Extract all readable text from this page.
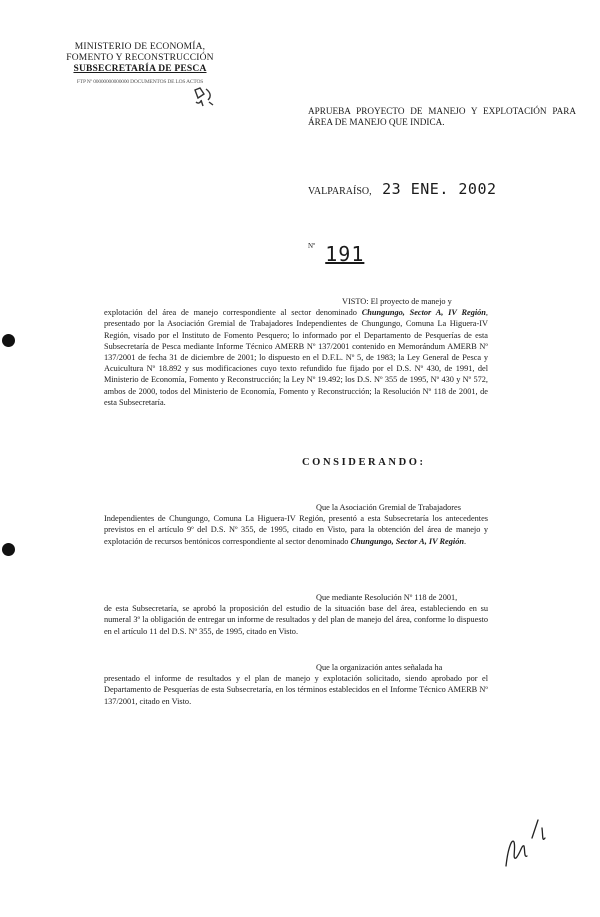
MINISTERIO DE ECONOMÍA,
FOMENTO Y RECONSTRUCCIÓN
SUBSECRETARÍA DE PESCA
FTP Nº 00000000000000 DOCUMENTOS DE LOS ACTOS
APRUEBA PROYECTO DE MANEJO Y EXPLOTACIÓN PARA ÁREA DE MANEJO QUE INDICA.
VALPARAÍSO, 23 ENE. 2002
$^{Nº}$ 191
VISTO: El proyecto de manejo y
explotación del área de manejo correspondiente al sector denominado Chungungo, Sector A, IV Región, presentado por la Asociación Gremial de Trabajadores Independientes de Chungungo, Comuna La Higuera-IV Región, visado por el Instituto de Fomento Pesquero; lo informado por el Departamento de Pesquerías de esta Subsecretaría de Pesca mediante Informe Técnico AMERB Nº 137/2001 contenido en Memorándum AMERB Nº 137/2001 de fecha 31 de diciembre de 2001; lo dispuesto en el D.F.L. Nº 5, de 1983; la Ley General de Pesca y Acuicultura Nº 18.892 y sus modificaciones cuyo texto refundido fue fijado por el D.S. Nº 430, de 1991, del Ministerio de Economía, Fomento y Reconstrucción; la Ley Nº 19.492; los D.S. Nº 355 de 1995, Nº 430 y Nº 572, ambos de 2000, todos del Ministerio de Economía, Fomento y Reconstrucción; la Resolución Nº 118 de 2001, de esta Subsecretaría.
CONSIDERANDO:
Que la Asociación Gremial de Trabajadores
Independientes de Chungungo, Comuna La Higuera-IV Región, presentó a esta Subsecretaría los antecedentes previstos en el artículo 9º del D.S. Nº 355, de 1995, citado en Visto, para la obtención del área de manejo y explotación de recursos bentónicos correspondiente al sector denominado Chungungo, Sector A, IV Región.
Que mediante Resolución Nº 118 de 2001,
de esta Subsecretaría, se aprobó la proposición del estudio de la situación base del área, estableciendo en su numeral 3º la obligación de entregar un informe de resultados y del plan de manejo del área, conforme lo dispuesto en el artículo 11 del D.S. Nº 355, de 1995, citado en Visto.
Que la organización antes señalada ha
presentado el informe de resultados y el plan de manejo y explotación solicitado, siendo aprobado por el Departamento de Pesquerías de esta Subsecretaría, en los términos establecidos en el Informe Técnico AMERB Nº 137/2001, citado en Visto.
